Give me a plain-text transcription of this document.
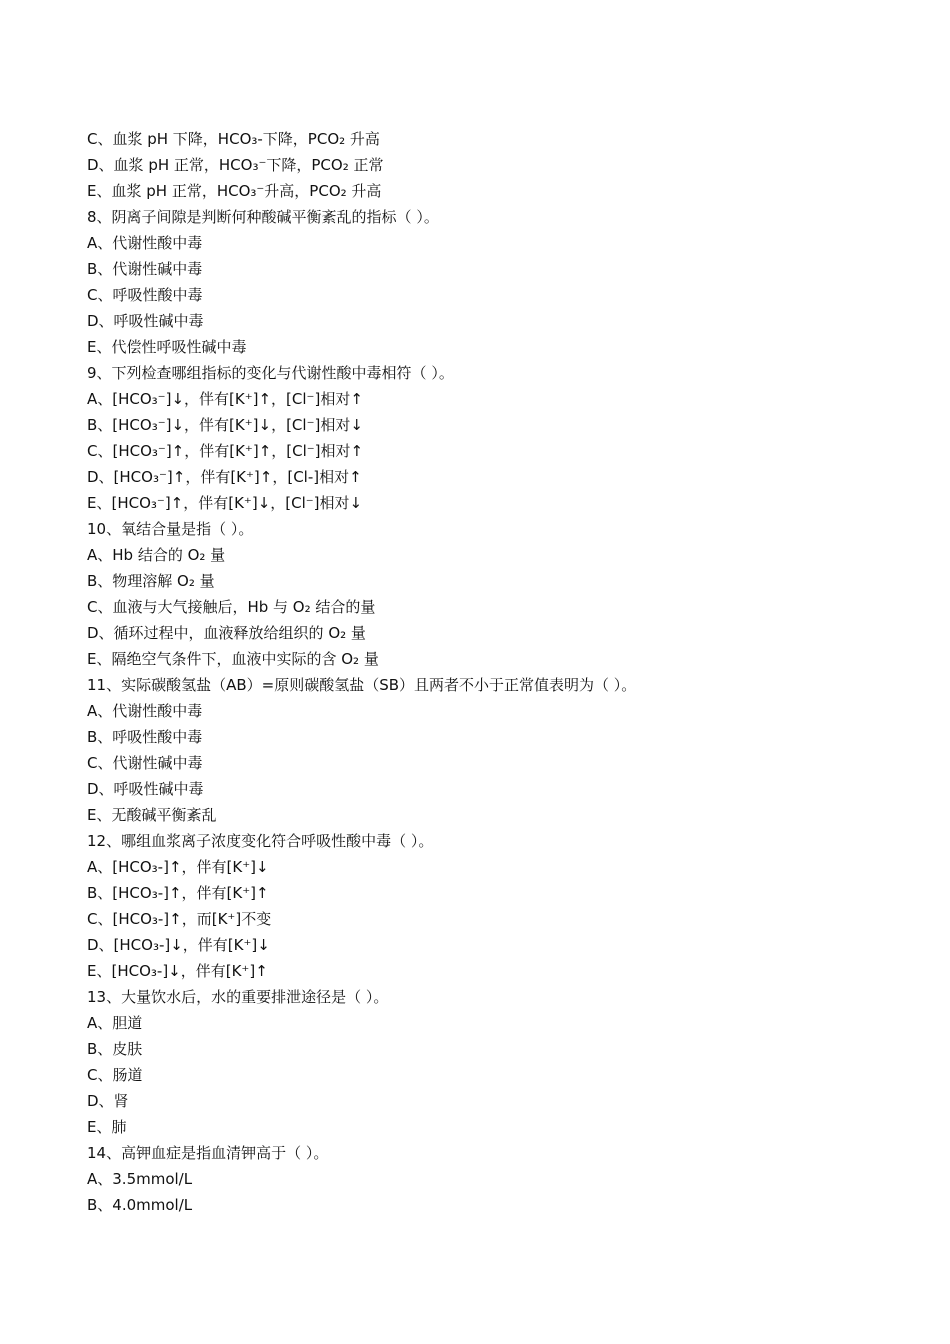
C、血浆 pH 下降，HCO₃-下降，PCO₂ 升高
D、血浆 pH 正常，HCO₃⁻下降，PCO₂ 正常
E、血浆 pH 正常，HCO₃⁻升高，PCO₂ 升高
8、阴离子间隙是判断何种酸碱平衡紊乱的指标（ ）。
A、代谢性酸中毒
B、代谢性碱中毒
C、呼吸性酸中毒
D、呼吸性碱中毒
E、代偿性呼吸性碱中毒
9、下列检查哪组指标的变化与代谢性酸中毒相符（ ）。
A、[HCO₃⁻]↓，伴有[K⁺]↑，[Cl⁻]相对↑
B、[HCO₃⁻]↓，伴有[K⁺]↓，[Cl⁻]相对↓
C、[HCO₃⁻]↑，伴有[K⁺]↑，[Cl⁻]相对↑
D、[HCO₃⁻]↑，伴有[K⁺]↑，[Cl-]相对↑
E、[HCO₃⁻]↑，伴有[K⁺]↓，[Cl⁻]相对↓
10、氧结合量是指（ ）。
A、Hb 结合的 O₂ 量
B、物理溶解 O₂ 量
C、血液与大气接触后，Hb 与 O₂ 结合的量
D、循环过程中，血液释放给组织的 O₂ 量
E、隔绝空气条件下，血液中实际的含 O₂ 量
11、实际碳酸氢盐（AB）=原则碳酸氢盐（SB）且两者不小于正常值表明为（ ）。
A、代谢性酸中毒
B、呼吸性酸中毒
C、代谢性碱中毒
D、呼吸性碱中毒
E、无酸碱平衡紊乱
12、哪组血浆离子浓度变化符合呼吸性酸中毒（ ）。
A、[HCO₃-]↑，伴有[K⁺]↓
B、[HCO₃-]↑，伴有[K⁺]↑
C、[HCO₃-]↑，而[K⁺]不变
D、[HCO₃-]↓，伴有[K⁺]↓
E、[HCO₃-]↓，伴有[K⁺]↑
13、大量饮水后，水的重要排泄途径是（ ）。
A、胆道
B、皮肤
C、肠道
D、肾
E、肺
14、高钾血症是指血清钾高于（ ）。
A、3.5mmol/L
B、4.0mmol/L
